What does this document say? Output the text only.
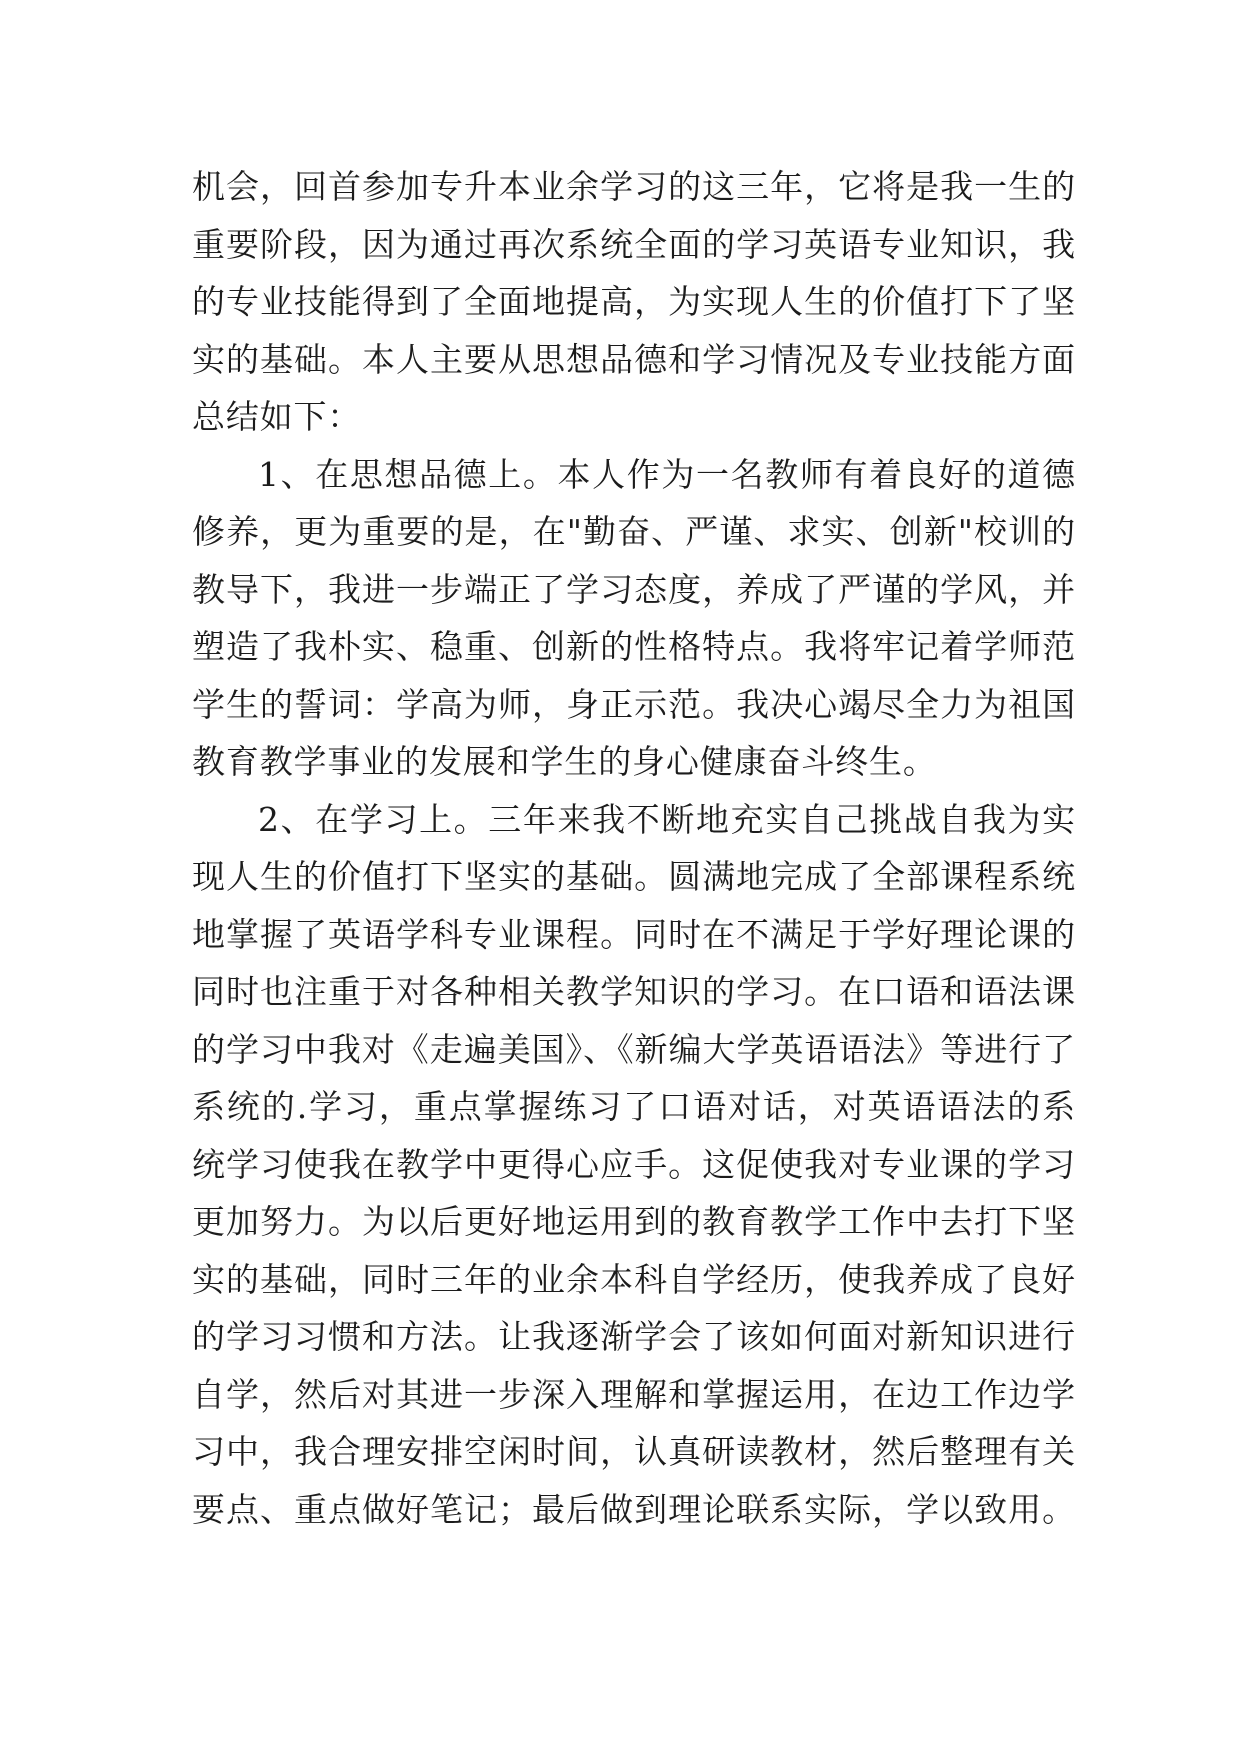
机会，回首参加专升本业余学习的这三年，它将是我一生的
重要阶段，因为通过再次系统全面的学习英语专业知识，我
的专业技能得到了全面地提高，为实现人生的价值打下了坚
实的基础。本人主要从思想品德和学习情况及专业技能方面
总结如下：
1、在思想品德上。本人作为一名教师有着良好的道德
修养，更为重要的是，在"勤奋、严谨、求实、创新"校训的
教导下，我进一步端正了学习态度，养成了严谨的学风，并
塑造了我朴实、稳重、创新的性格特点。我将牢记着学师范
学生的誓词：学高为师，身正示范。我决心竭尽全力为祖国
教育教学事业的发展和学生的身心健康奋斗终生。
2、在学习上。三年来我不断地充实自己挑战自我为实
现人生的价值打下坚实的基础。圆满地完成了全部课程系统
地掌握了英语学科专业课程。同时在不满足于学好理论课的
同时也注重于对各种相关教学知识的学习。在口语和语法课
的学习中我对《走遍美国》、《新编大学英语语法》等进行了
系统的.学习，重点掌握练习了口语对话，对英语语法的系
统学习使我在教学中更得心应手。这促使我对专业课的学习
更加努力。为以后更好地运用到的教育教学工作中去打下坚
实的基础，同时三年的业余本科自学经历，使我养成了良好
的学习习惯和方法。让我逐渐学会了该如何面对新知识进行
自学，然后对其进一步深入理解和掌握运用，在边工作边学
习中，我合理安排空闲时间，认真研读教材，然后整理有关
要点、重点做好笔记；最后做到理论联系实际，学以致用。
